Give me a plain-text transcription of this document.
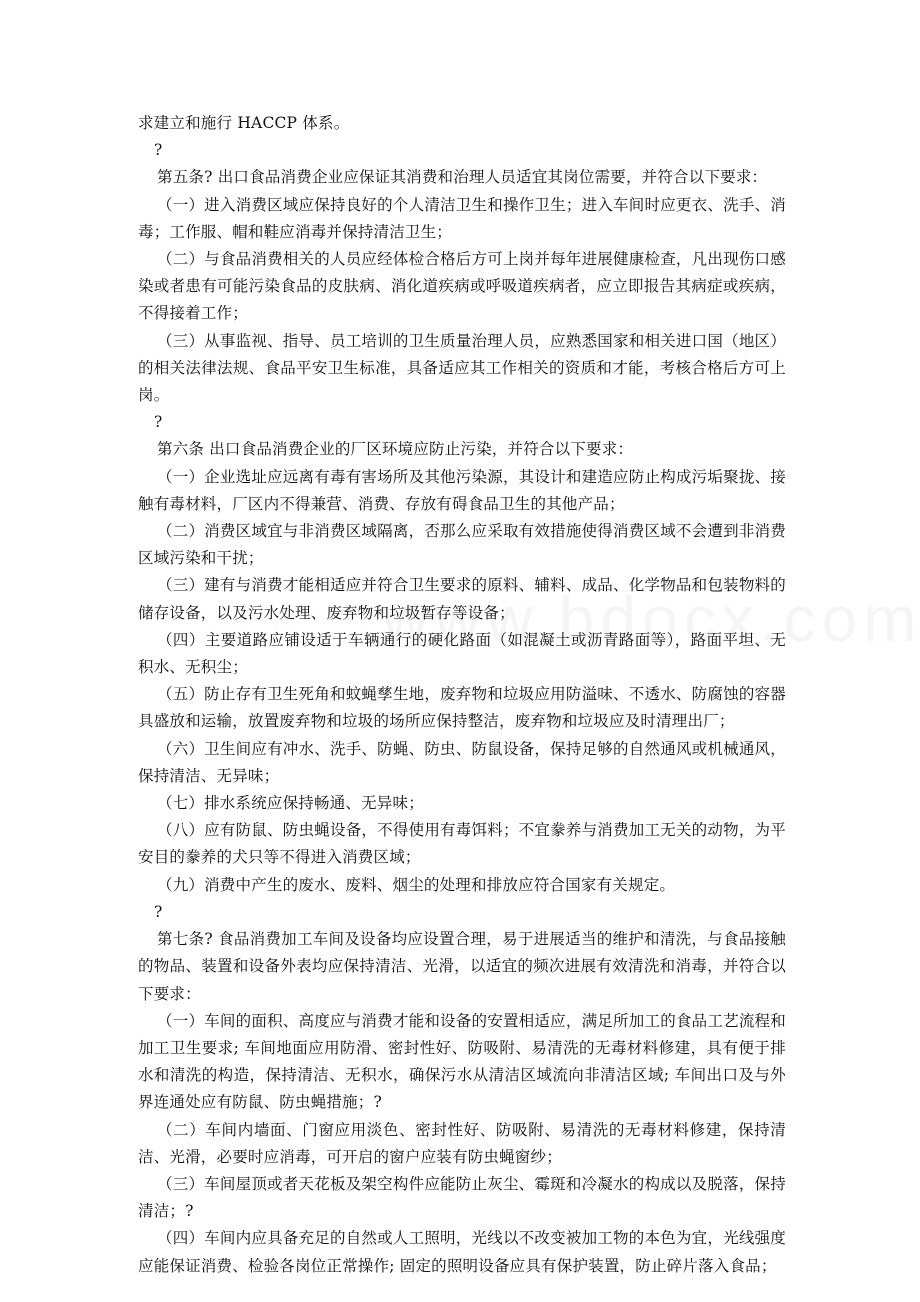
求建立和施行 HACCP 体系。

?

第五条? 出口食品消费企业应保证其消费和治理人员适宜其岗位需要，并符合以下要求：

（一）进入消费区域应保持良好的个人清洁卫生和操作卫生；进入车间时应更衣、洗手、消毒；工作服、帽和鞋应消毒并保持清洁卫生；

（二）与食品消费相关的人员应经体检合格后方可上岗并每年进展健康检查，凡出现伤口感染或者患有可能污染食品的皮肤病、消化道疾病或呼吸道疾病者，应立即报告其病症或疾病，不得接着工作；

（三）从事监视、指导、员工培训的卫生质量治理人员，应熟悉国家和相关进口国（地区）的相关法律法规、食品平安卫生标准，具备适应其工作相关的资质和才能，考核合格后方可上岗。

?

第六条 出口食品消费企业的厂区环境应防止污染，并符合以下要求：

（一）企业选址应远离有毒有害场所及其他污染源，其设计和建造应防止构成污垢聚拢、接触有毒材料，厂区内不得兼营、消费、存放有碍食品卫生的其他产品；

（二）消费区域宜与非消费区域隔离，否那么应采取有效措施使得消费区域不会遭到非消费区域污染和干扰；

（三）建有与消费才能相适应并符合卫生要求的原料、辅料、成品、化学物品和包装物料的储存设备，以及污水处理、废弃物和垃圾暂存等设备；

（四）主要道路应铺设适于车辆通行的硬化路面（如混凝土或沥青路面等），路面平坦、无积水、无积尘；

（五）防止存有卫生死角和蚊蝇孳生地，废弃物和垃圾应用防溢味、不透水、防腐蚀的容器具盛放和运输，放置废弃物和垃圾的场所应保持整洁，废弃物和垃圾应及时清理出厂；

（六）卫生间应有冲水、洗手、防蝇、防虫、防鼠设备，保持足够的自然通风或机械通风，保持清洁、无异味；

（七）排水系统应保持畅通、无异味；

（八）应有防鼠、防虫蝇设备，不得使用有毒饵料；不宜豢养与消费加工无关的动物，为平安目的豢养的犬只等不得进入消费区域；

（九）消费中产生的废水、废料、烟尘的处理和排放应符合国家有关规定。

?

第七条? 食品消费加工车间及设备均应设置合理，易于进展适当的维护和清洗，与食品接触的物品、装置和设备外表均应保持清洁、光滑，以适宜的频次进展有效清洗和消毒，并符合以下要求：

（一）车间的面积、高度应与消费才能和设备的安置相适应，满足所加工的食品工艺流程和加工卫生要求; 车间地面应用防滑、密封性好、防吸附、易清洗的无毒材料修建，具有便于排水和清洗的构造，保持清洁、无积水，确保污水从清洁区域流向非清洁区域; 车间出口及与外界连通处应有防鼠、防虫蝇措施；?

（二）车间内墙面、门窗应用淡色、密封性好、防吸附、易清洗的无毒材料修建，保持清洁、光滑，必要时应消毒，可开启的窗户应装有防虫蝇窗纱；

（三）车间屋顶或者天花板及架空构件应能防止灰尘、霉斑和冷凝水的构成以及脱落，保持清洁；?

（四）车间内应具备充足的自然或人工照明，光线以不改变被加工物的本色为宜，光线强度应能保证消费、检验各岗位正常操作; 固定的照明设备应具有保护装置，防止碎片落入食品；
